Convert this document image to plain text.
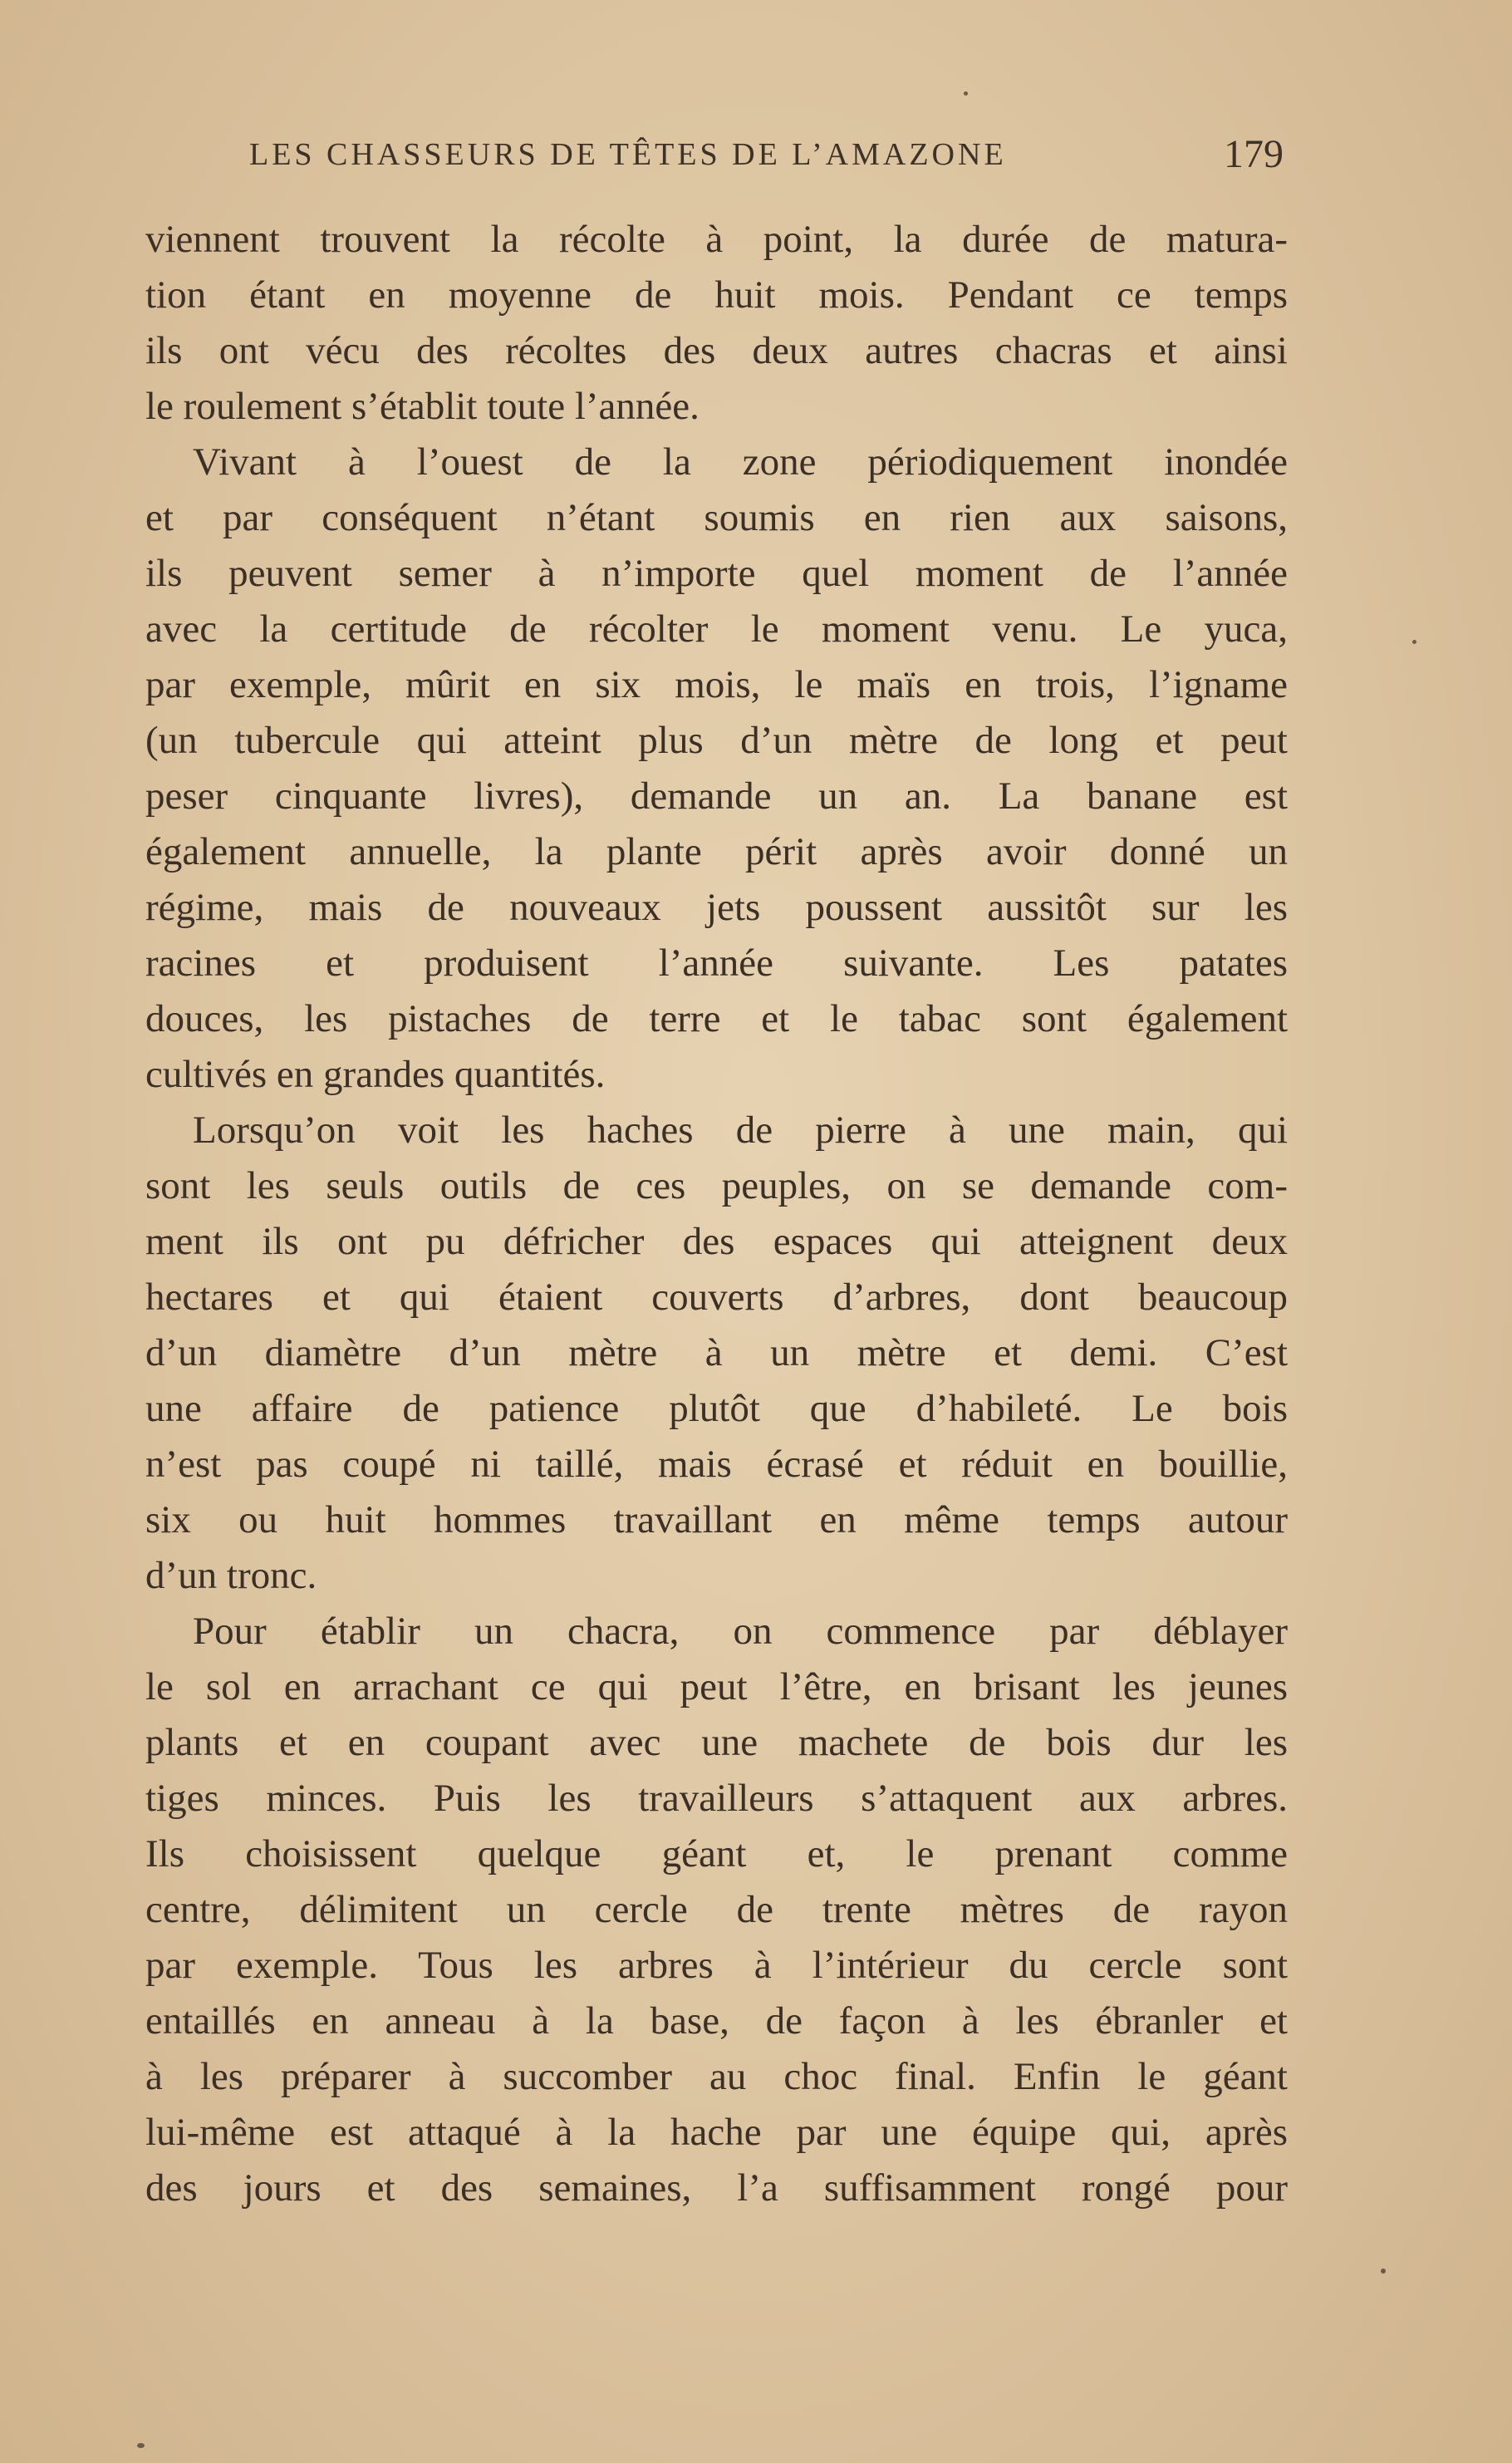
LES CHASSEURS DE TÊTES DE L’AMAZONE	179
viennent trouvent la récolte à point, la durée de matura-
tion étant en moyenne de huit mois. Pendant ce temps
ils ont vécu des récoltes des deux autres chacras et ainsi
le roulement s’établit toute l’année.
Vivant à l’ouest de la zone périodiquement inondée
et par conséquent n’étant soumis en rien aux saisons,
ils peuvent semer à n’importe quel moment de l’année
avec la certitude de récolter le moment venu. Le yuca,
par exemple, mûrit en six mois, le maïs en trois, l’igname
(un tubercule qui atteint plus d’un mètre de long et peut
peser cinquante livres), demande un an. La banane est
également annuelle, la plante périt après avoir donné un
régime, mais de nouveaux jets poussent aussitôt sur les
racines et produisent l’année suivante. Les patates
douces, les pistaches de terre et le tabac sont également
cultivés en grandes quantités.
Lorsqu’on voit les haches de pierre à une main, qui
sont les seuls outils de ces peuples, on se demande com-
ment ils ont pu défricher des espaces qui atteignent deux
hectares et qui étaient couverts d’arbres, dont beaucoup
d’un diamètre d’un mètre à un mètre et demi. C’est
une affaire de patience plutôt que d’habileté. Le bois
n’est pas coupé ni taillé, mais écrasé et réduit en bouillie,
six ou huit hommes travaillant en même temps autour
d’un tronc.
Pour établir un chacra, on commence par déblayer
le sol en arrachant ce qui peut l’être, en brisant les jeunes
plants et en coupant avec une machete de bois dur les
tiges minces. Puis les travailleurs s’attaquent aux arbres.
Ils choisissent quelque géant et, le prenant comme
centre, délimitent un cercle de trente mètres de rayon
par exemple. Tous les arbres à l’intérieur du cercle sont
entaillés en anneau à la base, de façon à les ébranler et
à les préparer à succomber au choc final. Enfin le géant
lui-même est attaqué à la hache par une équipe qui, après
des jours et des semaines, l’a suffisamment rongé pour
